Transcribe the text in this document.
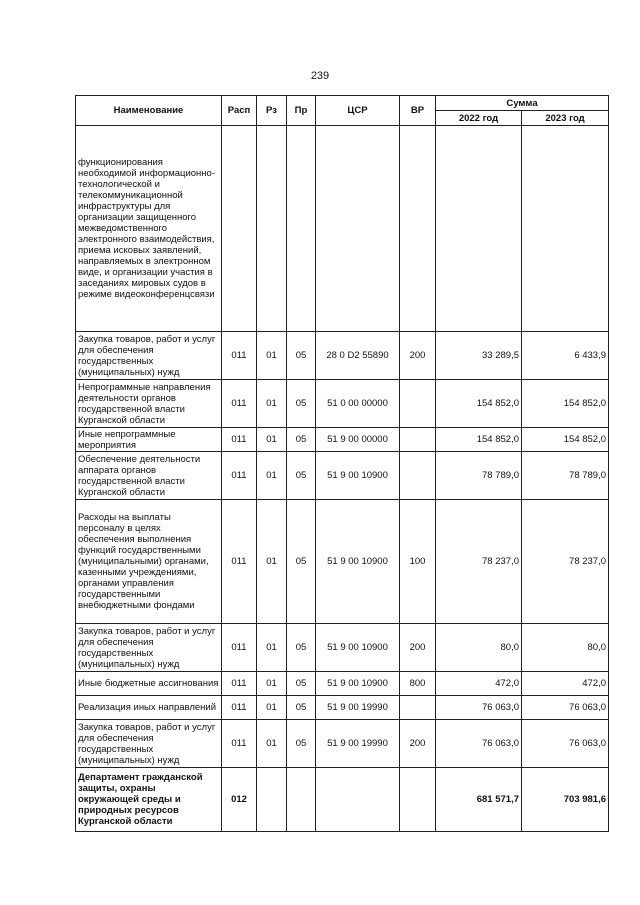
239
Наименование	Расп	Рз	Пр	ЦСР	ВР	Сумма	
						2022 год	2023 год
функционирования необходимой информационно-технологической и телекоммуникационной инфраструктуры для организации защищенного межведомственного электронного взаимодействия, приема исковых заявлений, направляемых в электронном виде, и организации участия в заседаниях мировых судов в режиме видеоконференцсвязи							
Закупка товаров, работ и услуг для обеспечения государственных (муниципальных) нужд	011	01	05	28 0 D2 55890	200	33 289,5	6 433,9
Непрограммные направления деятельности органов государственной власти Курганской области	011	01	05	51 0 00 00000		154 852,0	154 852,0
Иные непрограммные мероприятия	011	01	05	51 9 00 00000		154 852,0	154 852,0
Обеспечение деятельности аппарата органов государственной власти Курганской области	011	01	05	51 9 00 10900		78 789,0	78 789,0
Расходы на выплаты персоналу в целях обеспечения выполнения функций государственными (муниципальными) органами, казенными учреждениями, органами управления государственными внебюджетными фондами	011	01	05	51 9 00 10900	100	78 237,0	78 237,0
Закупка товаров, работ и услуг для обеспечения государственных (муниципальных) нужд	011	01	05	51 9 00 10900	200	80,0	80,0
Иные бюджетные ассигнования	011	01	05	51 9 00 10900	800	472,0	472,0
Реализация иных направлений	011	01	05	51 9 00 19990		76 063,0	76 063,0
Закупка товаров, работ и услуг для обеспечения государственных (муниципальных) нужд	011	01	05	51 9 00 19990	200	76 063,0	76 063,0
Департамент гражданской защиты, охраны окружающей среды и природных ресурсов Курганской области	012					681 571,7	703 981,6
